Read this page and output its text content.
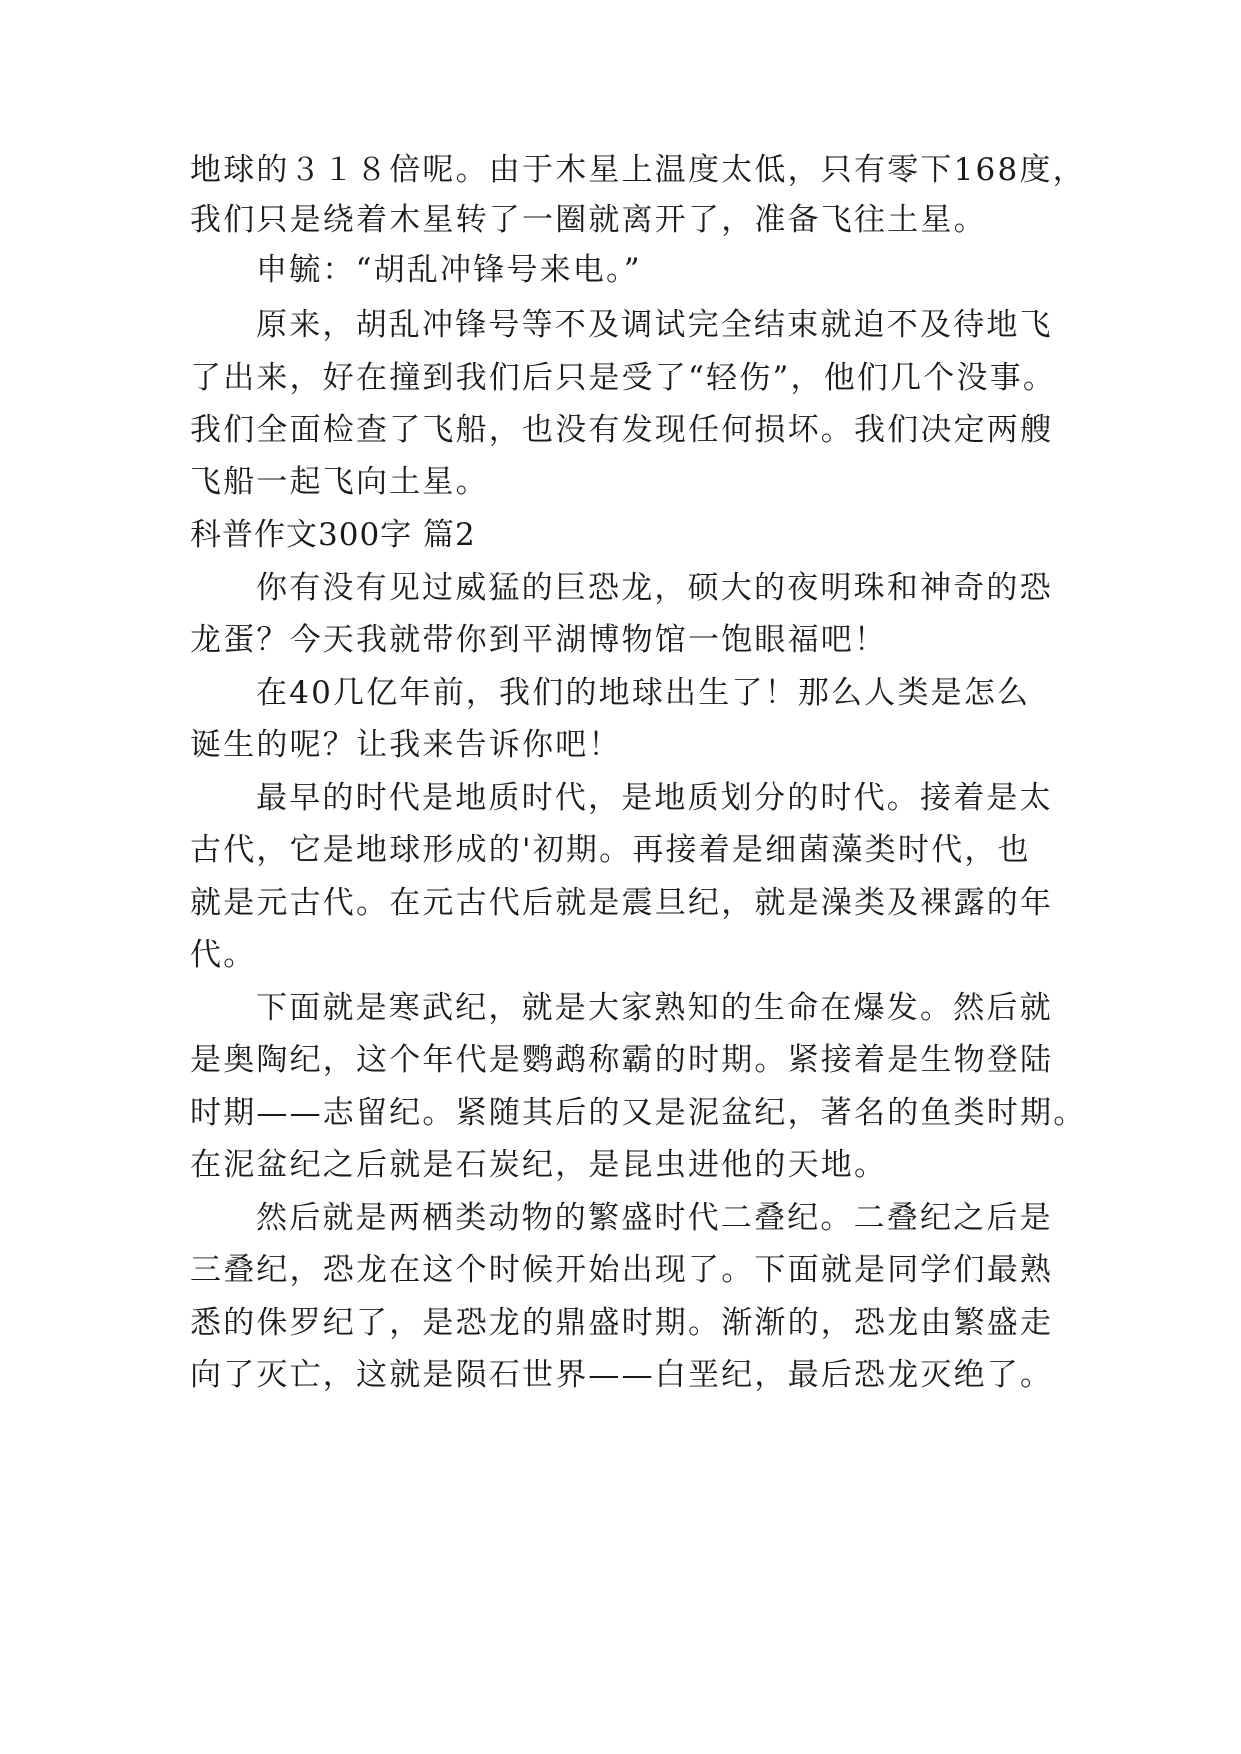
地球的３１８倍呢。由于木星上温度太低，只有零下168度，
我们只是绕着木星转了一圈就离开了，准备飞往土星。
申毓：“胡乱冲锋号来电。”
原来，胡乱冲锋号等不及调试完全结束就迫不及待地飞
了出来，好在撞到我们后只是受了“轻伤”，他们几个没事。
我们全面检查了飞船，也没有发现任何损坏。我们决定两艘
飞船一起飞向土星。
科普作文300字 篇2
你有没有见过威猛的巨恐龙，硕大的夜明珠和神奇的恐
龙蛋？今天我就带你到平湖博物馆一饱眼福吧！
在40几亿年前，我们的地球出生了！那么人类是怎么
诞生的呢？让我来告诉你吧！
最早的时代是地质时代，是地质划分的时代。接着是太
古代，它是地球形成的'初期。再接着是细菌藻类时代，也
就是元古代。在元古代后就是震旦纪，就是澡类及裸露的年
代。
下面就是寒武纪，就是大家熟知的生命在爆发。然后就
是奥陶纪，这个年代是鹦鹉称霸的时期。紧接着是生物登陆
时期——志留纪。紧随其后的又是泥盆纪，著名的鱼类时期。
在泥盆纪之后就是石炭纪，是昆虫进他的天地。
然后就是两栖类动物的繁盛时代二叠纪。二叠纪之后是
三叠纪，恐龙在这个时候开始出现了。下面就是同学们最熟
悉的侏罗纪了，是恐龙的鼎盛时期。渐渐的，恐龙由繁盛走
向了灭亡，这就是陨石世界——白垩纪，最后恐龙灭绝了。
